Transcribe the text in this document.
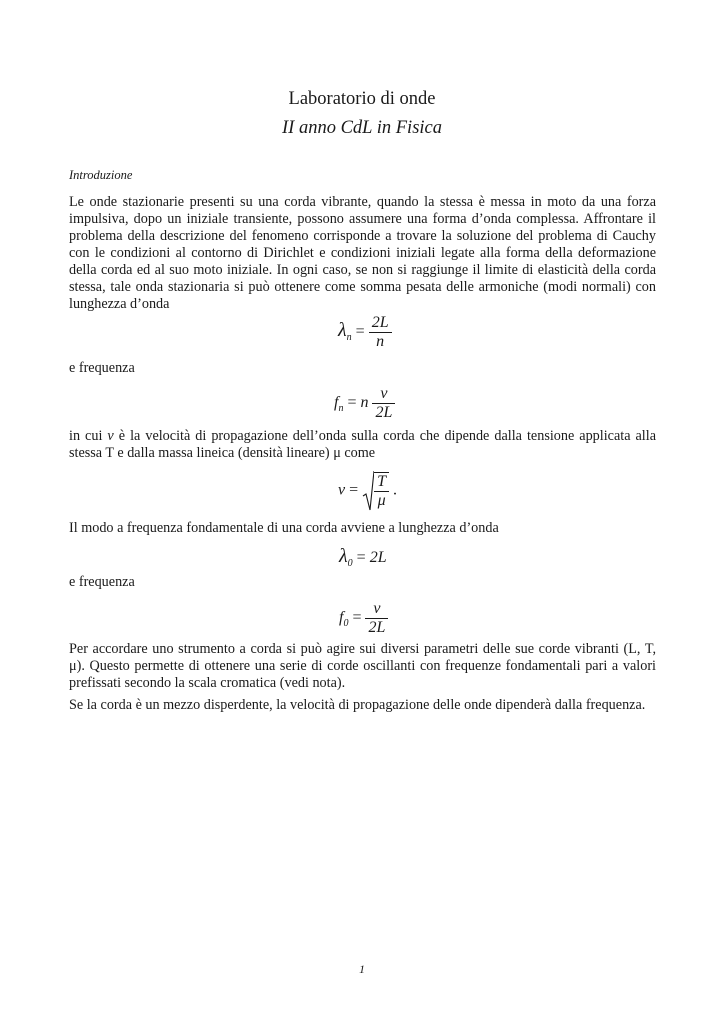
Laboratorio di onde
II anno CdL in Fisica
Introduzione

Le onde stazionarie presenti su una corda vibrante, quando la stessa è messa in moto da una forza impulsiva, dopo un iniziale transiente, possono assumere una forma d’onda complessa. Affrontare il problema della descrizione del fenomeno corrisponde a trovare la soluzione del problema di Cauchy con le condizioni al contorno di Dirichlet e condizioni iniziali legate alla forma della deformazione della corda ed al suo moto iniziale. In ogni caso, se non si raggiunge il limite di elasticità della corda stessa, tale onda stazionaria si può ottenere come somma pesata delle armoniche (modi normali) con lunghezza d’onda

$\lambda_n = \frac{2L}{n}$

e frequenza

$f_n = n \frac{v}{2L}$

in cui v è la velocità di propagazione dell’onda sulla corda che dipende dalla tensione applicata alla stessa T e dalla massa lineica (densità lineare) μ come

$v = \frac{T}{\mu}$ .

Il modo a frequenza fondamentale di una corda avviene a lunghezza d’onda

$\lambda_0 = 2L$

e frequenza

$f_0 = \frac{v}{2L}$

Per accordare uno strumento a corda si può agire sui diversi parametri delle sue corde vibranti (L, T, μ). Questo permette di ottenere una serie di corde oscillanti con frequenze fondamentali pari a valori prefissati secondo la scala cromatica (vedi nota).

Se la corda è un mezzo disperdente, la velocità di propagazione delle onde dipenderà dalla frequenza.

1
